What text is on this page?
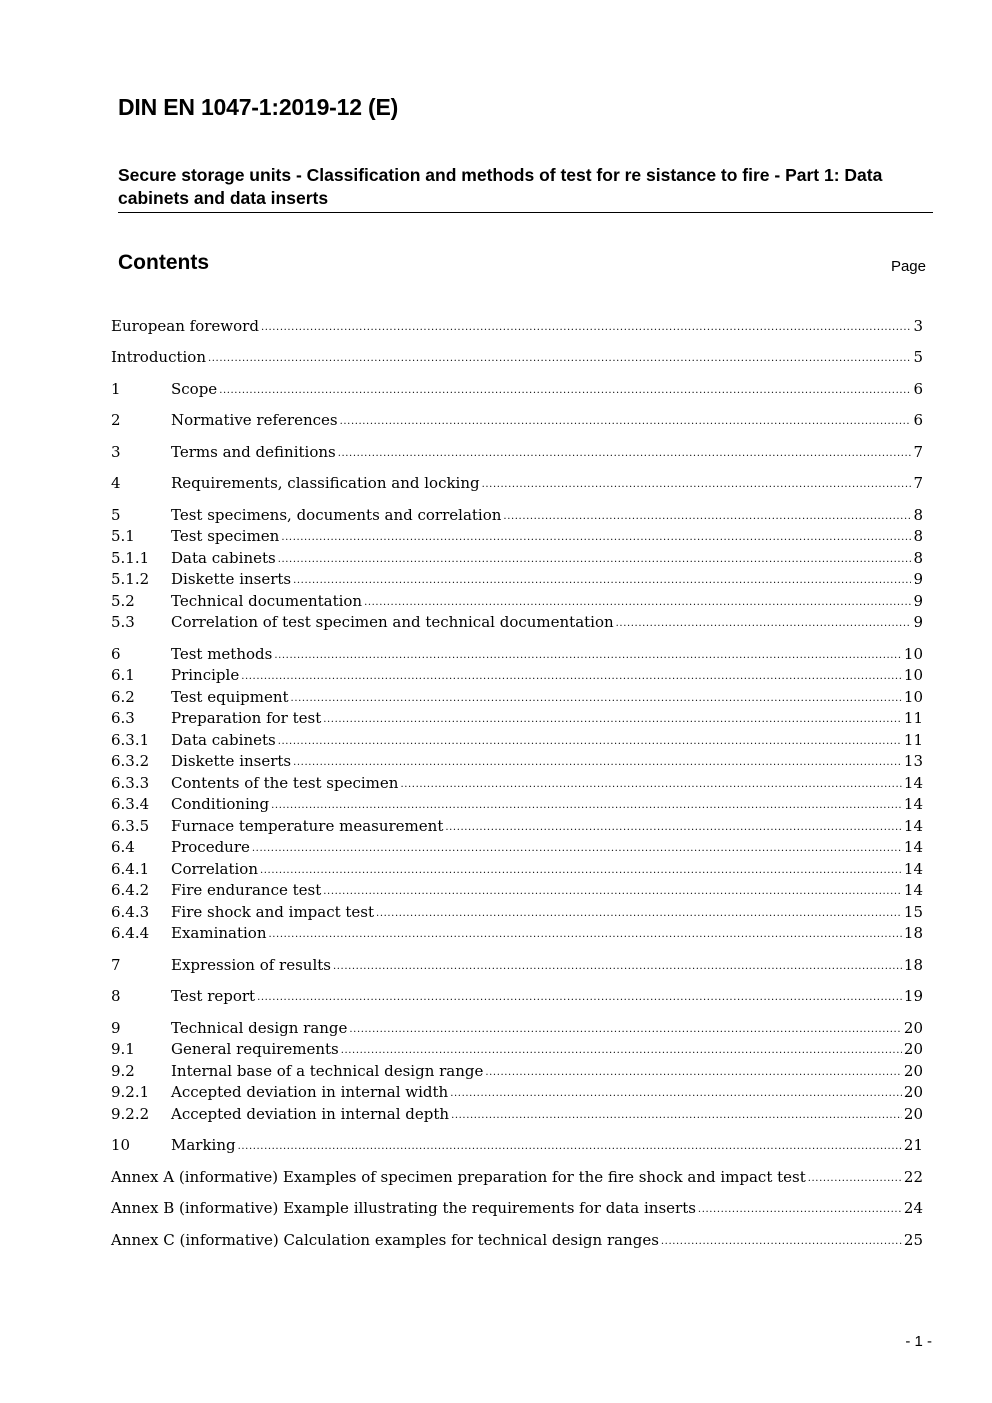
DIN EN 1047-1:2019-12 (E)
Secure storage units - Classification and methods of test for re sistance to fire - Part 1: Data cabinets and data inserts
Contents	Page
European foreword .....	3
Introduction .....	5
1	Scope .....	6
2	Normative references .....	6
3	Terms and definitions .....	7
4	Requirements, classification and locking .....	7
5	Test specimens, documents and correlation .....	8
5.1	Test specimen .....	8
5.1.1	Data cabinets .....	8
5.1.2	Diskette inserts .....	9
5.2	Technical documentation .....	9
5.3	Correlation of test specimen and technical documentation .....	9
6	Test methods .....	10
6.1	Principle .....	10
6.2	Test equipment .....	10
6.3	Preparation for test .....	11
6.3.1	Data cabinets .....	11
6.3.2	Diskette inserts .....	13
6.3.3	Contents of the test specimen .....	14
6.3.4	Conditioning .....	14
6.3.5	Furnace temperature measurement .....	14
6.4	Procedure .....	14
6.4.1	Correlation .....	14
6.4.2	Fire endurance test .....	14
6.4.3	Fire shock and impact test .....	15
6.4.4	Examination .....	18
7	Expression of results .....	18
8	Test report .....	19
9	Technical design range .....	20
9.1	General requirements .....	20
9.2	Internal base of a technical design range .....	20
9.2.1	Accepted deviation in internal width .....	20
9.2.2	Accepted deviation in internal depth .....	20
10	Marking .....	21
Annex A (informative) Examples of specimen preparation for the fire shock and impact test .....	22
Annex B (informative) Example illustrating the requirements for data inserts .....	24
Annex C (informative) Calculation examples for technical design ranges .....	25
- 1 -
